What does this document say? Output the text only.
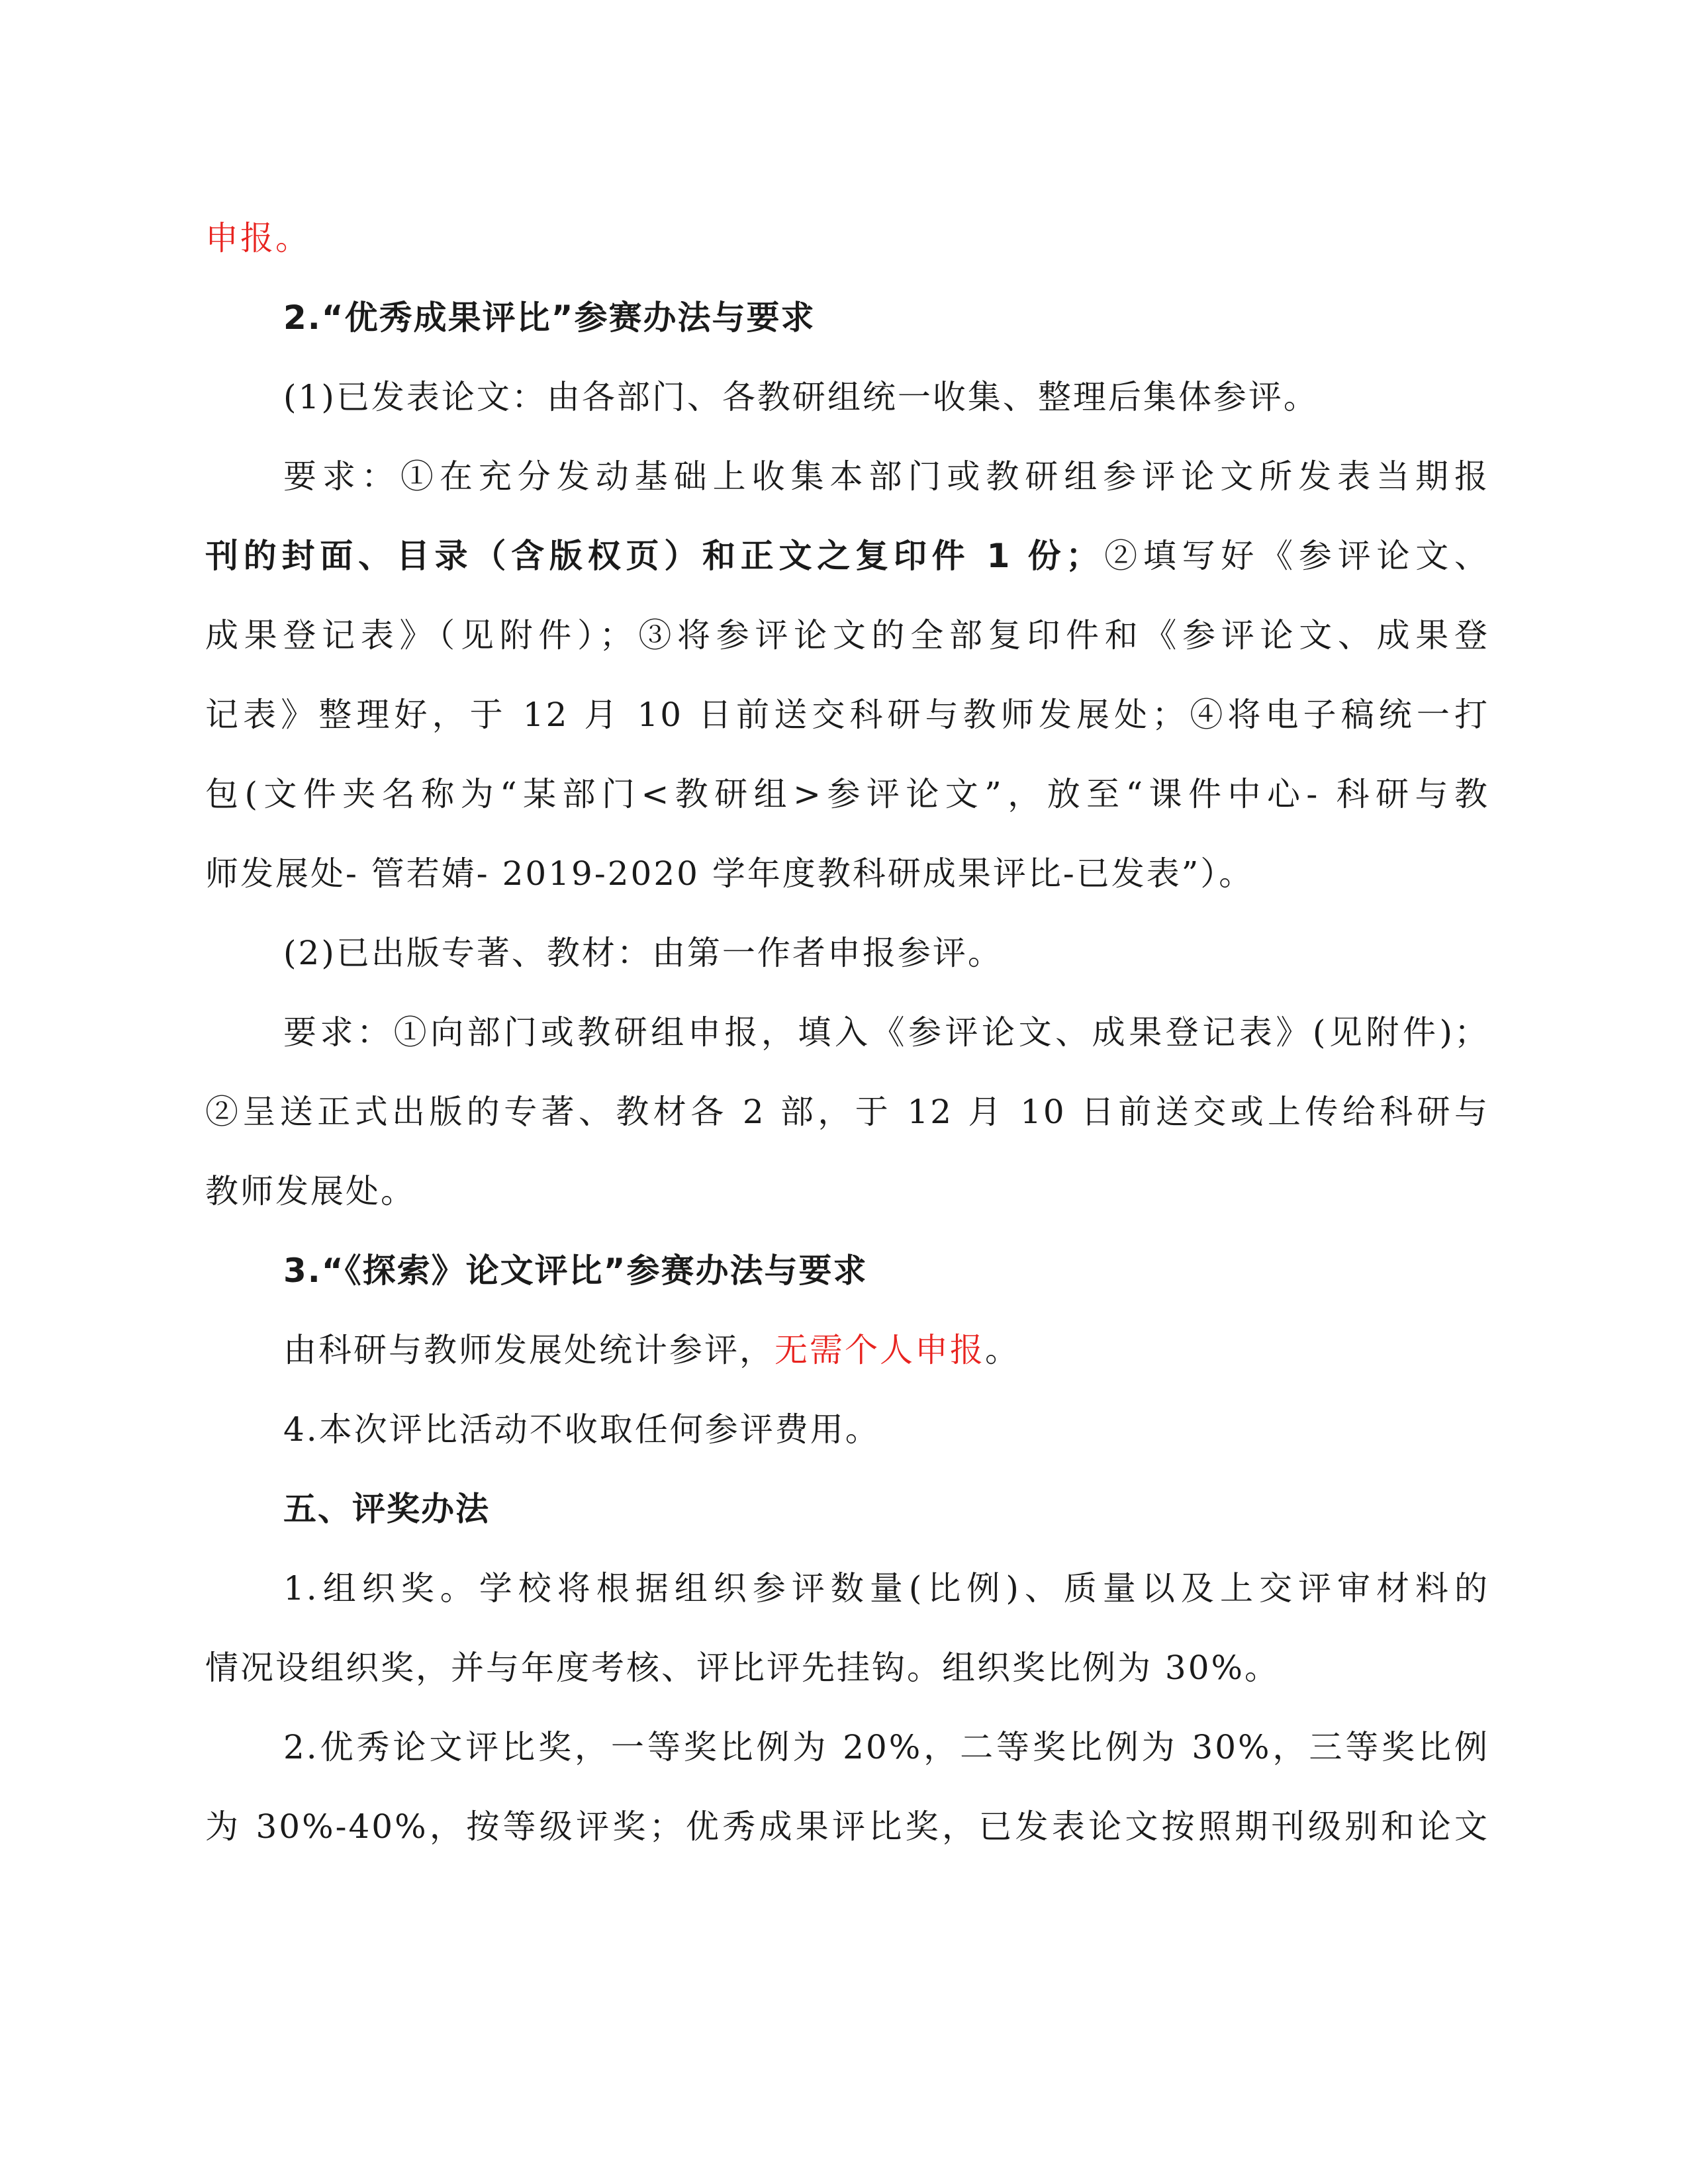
申报。
2.“优秀成果评比”参赛办法与要求
(1)已发表论文：由各部门、各教研组统一收集、整理后集体参评。
要求：①在充分发动基础上收集本部门或教研组参评论文所发表当期报
刊的封面、目录（含版权页）和正文之复印件 1 份；②填写好《参评论文、
成果登记表》（见附件）；③将参评论文的全部复印件和《参评论文、成果登
记表》整理好，于 12 月 10 日前送交科研与教师发展处；④将电子稿统一打
包(文件夹名称为“某部门<教研组>参评论文”，放至“课件中心- 科研与教
师发展处- 管若婧- 2019-2020 学年度教科研成果评比-已发表”）。
(2)已出版专著、教材：由第一作者申报参评。
要求：①向部门或教研组申报，填入《参评论文、成果登记表》(见附件)；
②呈送正式出版的专著、教材各 2 部，于 12 月 10 日前送交或上传给科研与
教师发展处。
3.“《探索》论文评比”参赛办法与要求
由科研与教师发展处统计参评，无需个人申报。
4.本次评比活动不收取任何参评费用。
五、评奖办法
1.组织奖。学校将根据组织参评数量(比例)、质量以及上交评审材料的
情况设组织奖，并与年度考核、评比评先挂钩。组织奖比例为 30%。
2.优秀论文评比奖，一等奖比例为 20%，二等奖比例为 30%，三等奖比例
为 30%-40%，按等级评奖；优秀成果评比奖，已发表论文按照期刊级别和论文
